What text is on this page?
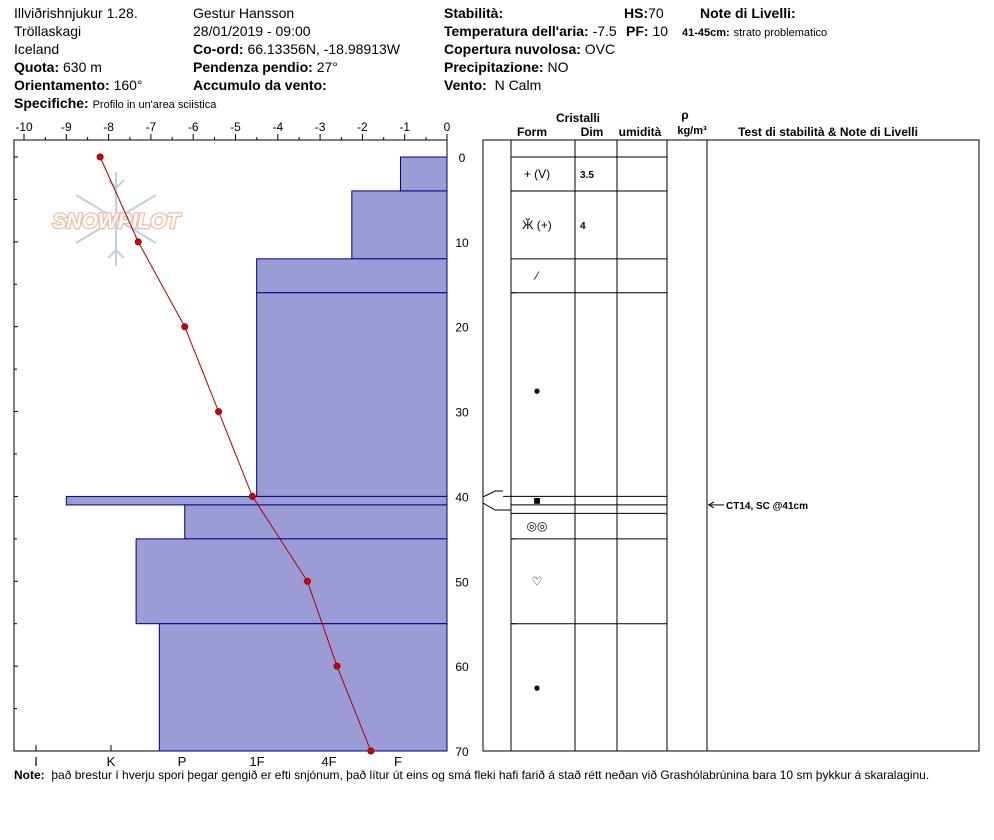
Illviðrishnjukur 1.28.
Tröllaskagi
Iceland
Quota: 630 m
Orientamento: 160°
Specifiche: Profilo in un'area sciistica
Gestur Hansson
28/01/2019 - 09:00
Co-ord: 66.13356N, -18.98913W
Pendenza pendio: 27°
Accumulo da vento:
Stabilità:
Temperatura dell'aria: -7.5
Copertura nuvolosa: OVC
Precipitazione: NO
Vento: N Calm
HS:70
PF: 10
Note di Livelli:
41-45cm: strato problematico
SNOWPILOT
-10 -9	-8	-7	-6	-5	-4	-3	-2	-1	0
0
10
20
30
40
50
60
70
I	K	P	1F	4F	F
+ (V)	3.5
Ӂ (+)	4
⁄
●
■
◎◎
♡
●
CT14, SC @41cm
Cristalli
Form	Dim umidità
ρ
kg/m³	Test di stabilità & Note di Livelli
Note: það brestur í hverju spori þegar gengið er efti snjónum, það lítur út eins og smá fleki hafi farið á stað rétt neðan við Grashólabrúnina bara 10 sm þykkur á skaralaginu.
